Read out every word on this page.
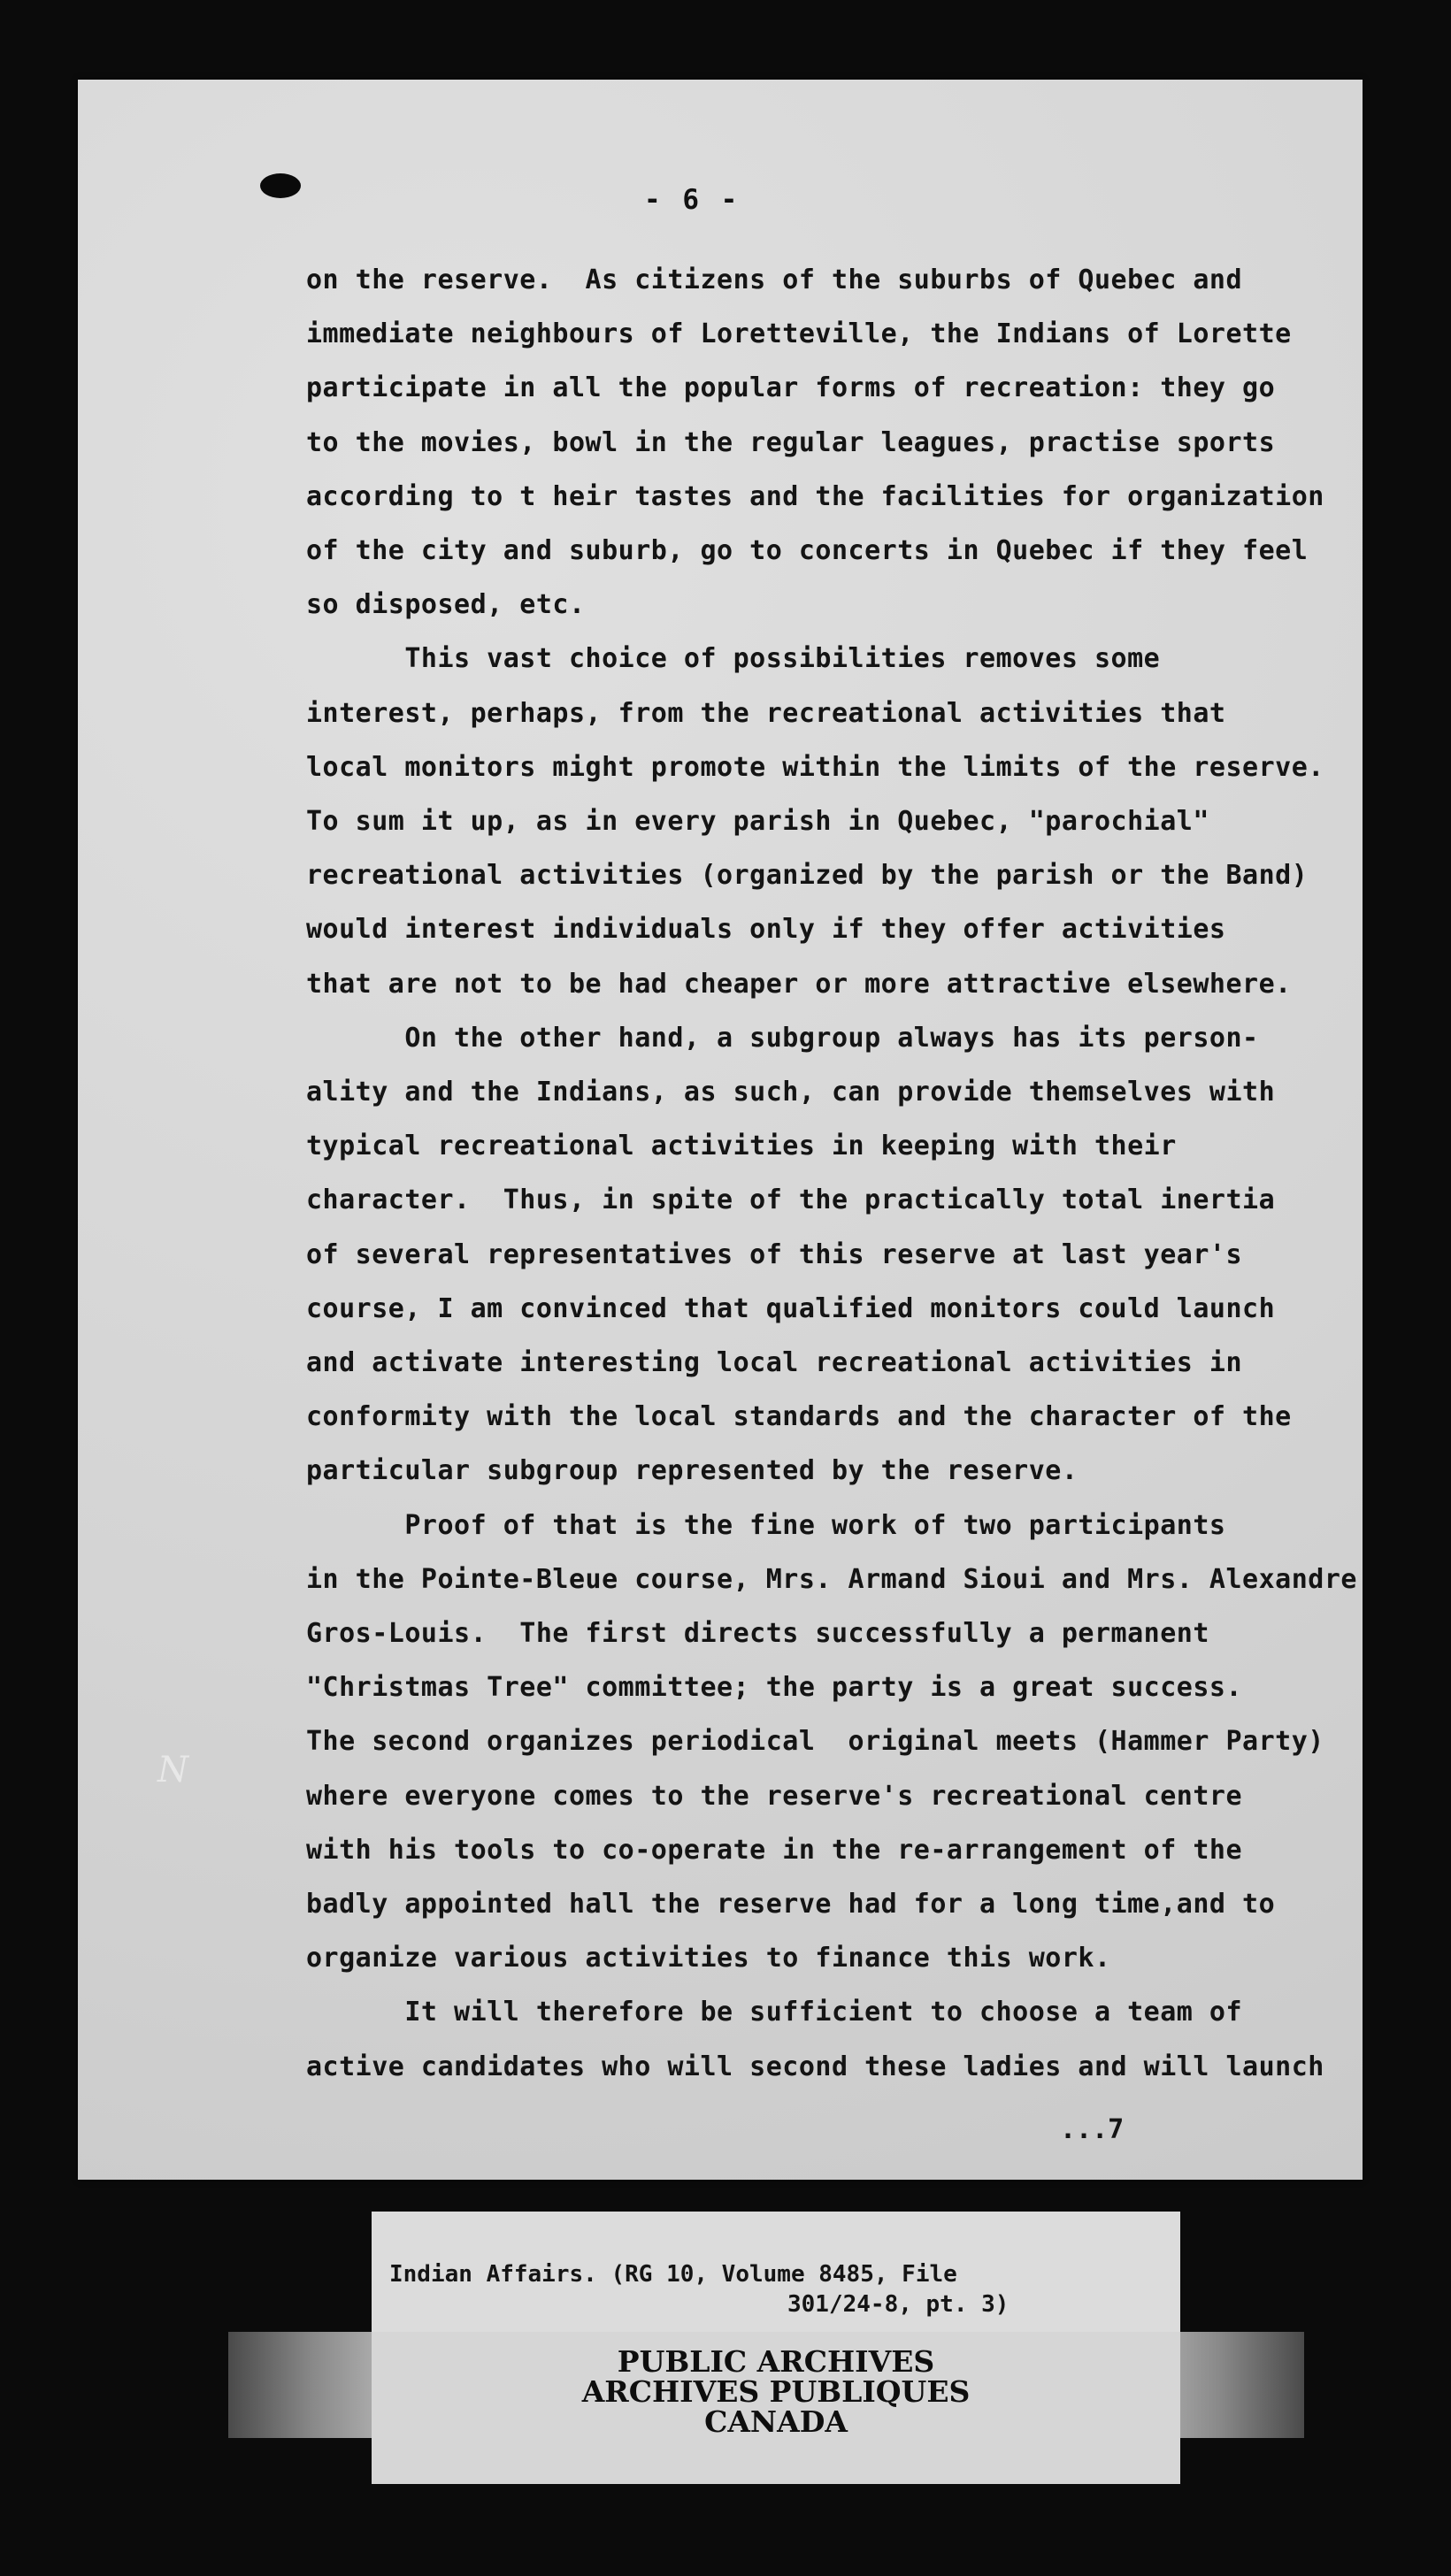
- 6 -
on the reserve.  As citizens of the suburbs of Quebec and
immediate neighbours of Loretteville, the Indians of Lorette
participate in all the popular forms of recreation: they go
to the movies, bowl in the regular leagues, practise sports
according to t heir tastes and the facilities for organization
of the city and suburb, go to concerts in Quebec if they feel
so disposed, etc.
This vast choice of possibilities removes some
interest, perhaps, from the recreational activities that
local monitors might promote within the limits of the reserve.
To sum it up, as in every parish in Quebec, "parochial"
recreational activities (organized by the parish or the Band)
would interest individuals only if they offer activities
that are not to be had cheaper or more attractive elsewhere.
On the other hand, a subgroup always has its person-
ality and the Indians, as such, can provide themselves with
typical recreational activities in keeping with their
character.  Thus, in spite of the practically total inertia
of several representatives of this reserve at last year's
course, I am convinced that qualified monitors could launch
and activate interesting local recreational activities in
conformity with the local standards and the character of the
particular subgroup represented by the reserve.
Proof of that is the fine work of two participants
in the Pointe-Bleue course, Mrs. Armand Sioui and Mrs. Alexandre
Gros-Louis.  The first directs successfully a permanent
"Christmas Tree" committee; the party is a great success.
The second organizes periodical  original meets (Hammer Party)
where everyone comes to the reserve's recreational centre
with his tools to co-operate in the re-arrangement of the
badly appointed hall the reserve had for a long time,and to
organize various activities to finance this work.
It will therefore be sufficient to choose a team of
active candidates who will second these ladies and will launch
...7
N
Indian Affairs. (RG 10, Volume 8485, File
301/24-8, pt. 3)
PUBLIC ARCHIVES
ARCHIVES PUBLIQUES
CANADA
